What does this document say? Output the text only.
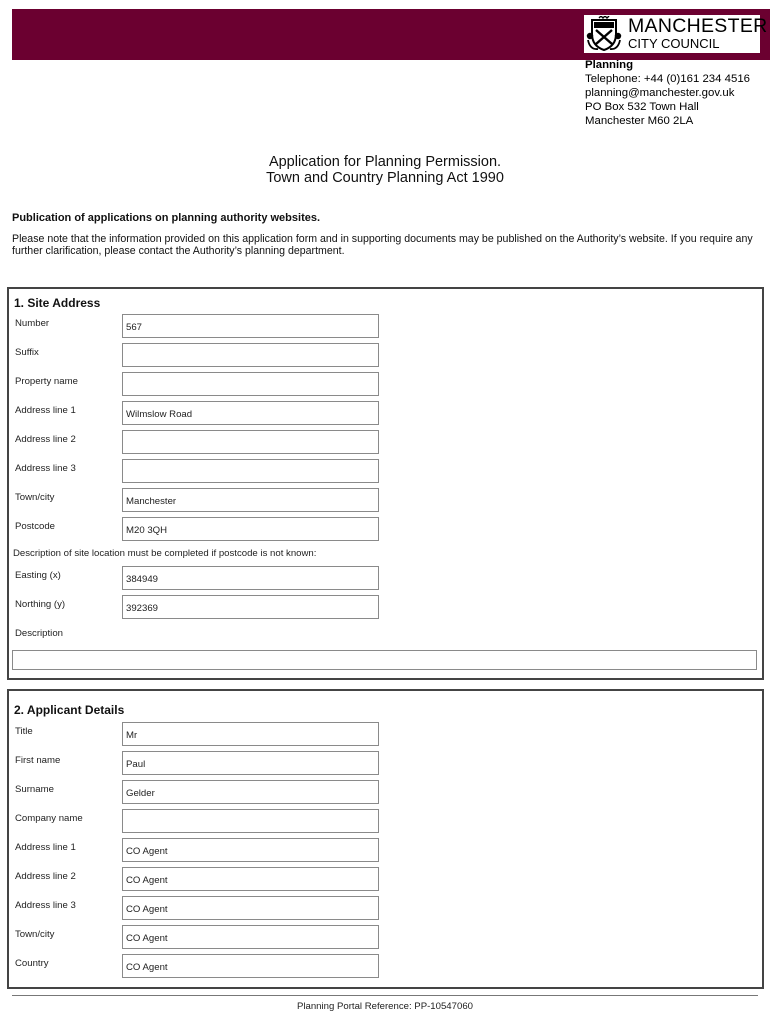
MANCHESTER
CITY COUNCIL
Planning
Telephone: +44 (0)161 234 4516
planning@manchester.gov.uk
PO Box 532 Town Hall
Manchester M60 2LA
Application for Planning Permission.
Town and Country Planning Act 1990
Publication of applications on planning authority websites.
Please note that the information provided on this application form and in supporting documents may be published on the Authority’s website. If you require any further clarification, please contact the Authority’s planning department.
1. Site Address
Number	567
Suffix
Property name
Address line 1	Wilmslow Road
Address line 2
Address line 3
Town/city	Manchester
Postcode	M20 3QH
Description of site location must be completed if postcode is not known:
Easting (x)	384949
Northing (y)	392369
Description
2. Applicant Details
Title	Mr
First name	Paul
Surname	Gelder
Company name
Address line 1	CO Agent
Address line 2	CO Agent
Address line 3	CO Agent
Town/city	CO Agent
Country	CO Agent
Planning Portal Reference: PP-10547060
